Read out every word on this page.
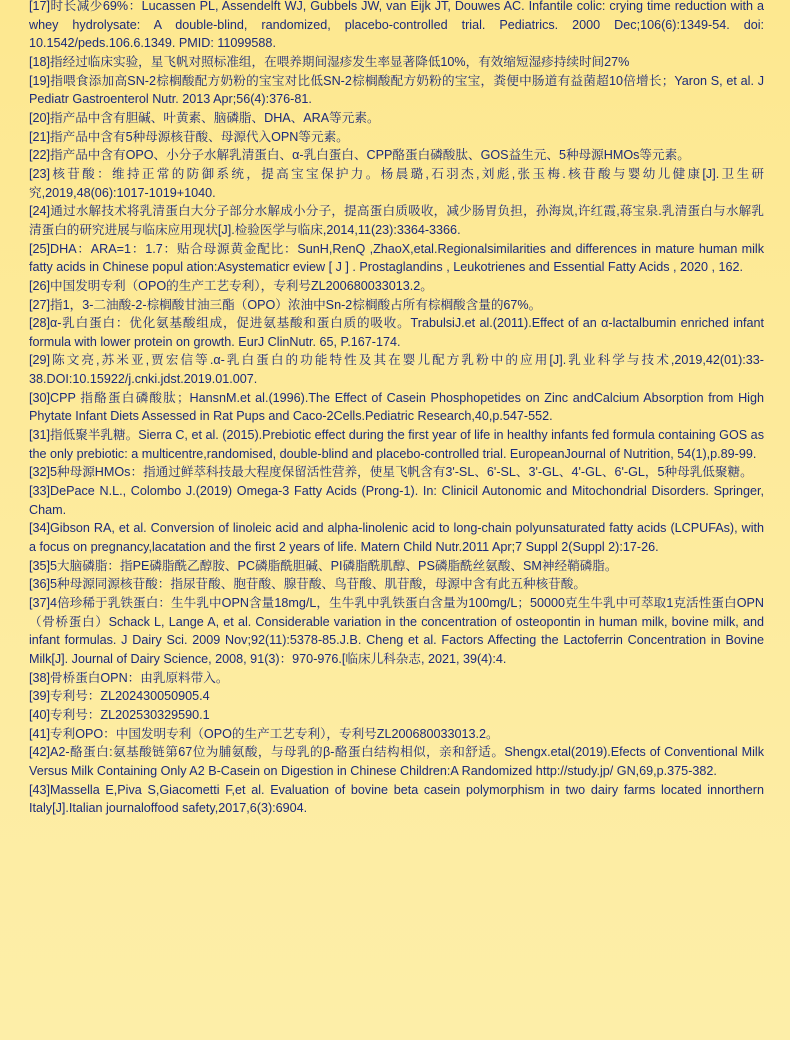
[17]时长减少69%：Lucassen PL, Assendelft WJ, Gubbels JW, van Eijk JT, Douwes AC. Infantile colic: crying time reduction with a whey hydrolysate: A double-blind, randomized, placebo-controlled trial. Pediatrics. 2000 Dec;106(6):1349-54. doi: 10.1542/peds.106.6.1349. PMID: 11099588.
[18]指经过临床实验，星飞帆对照标准组，在喂养期间湿疹发生率显著降低10%，有效缩短湿疹持续时间27%
[19]指喂食添加高SN-2棕榈酸配方奶粉的宝宝对比低SN-2棕榈酸配方奶粉的宝宝，粪便中肠道有益菌超10倍增长；Yaron S, et al. J Pediatr Gastroenterol Nutr. 2013 Apr;56(4):376-81.
[20]指产品中含有胆碱、叶黄素、脑磷脂、DHA、ARA等元素。
[21]指产品中含有5种母源核苷酸、母源代入OPN等元素。
[22]指产品中含有OPO、小分子水解乳清蛋白、α-乳白蛋白、CPP酪蛋白磷酸肽、GOS益生元、5种母源HMOs等元素。
[23]核苷酸：维持正常的防御系统，提高宝宝保护力。杨晨璐,石羽杰,刘彪,张玉梅.核苷酸与婴幼儿健康[J].卫生研究,2019,48(06):1017-1019+1040.
[24]通过水解技术将乳清蛋白大分子部分水解成小分子，提高蛋白质吸收，减少肠胃负担，孙海岚,许红霞,蒋宝泉.乳清蛋白与水解乳清蛋白的研究进展与临床应用现状[J].检验医学与临床,2014,11(23):3364-3366.
[25]DHA：ARA=1：1.7：贴合母源黄金配比：SunH,RenQ ,ZhaoX,etal.Regionalsimilarities and differences in mature human milk fatty acids in Chinese popul ation:Asystematicr eview [ J ] . Prostaglandins , Leukotrienes and Essential Fatty Acids , 2020 , 162.
[26]中国发明专利（OPO的生产工艺专利），专利号ZL200680033013.2。
[27]指1，3-二油酸-2-棕榈酸甘油三酯（OPO）浓油中Sn-2棕榈酸占所有棕榈酸含量的67%。
[28]α-乳白蛋白：优化氨基酸组成，促进氨基酸和蛋白质的吸收。TrabulsiJ.et al.(2011).Effect of an α-lactalbumin enriched infant formula with lower protein on growth. EurJ ClinNutr. 65, P.167-174.
[29]陈文亮,苏米亚,贾宏信等.α-乳白蛋白的功能特性及其在婴儿配方乳粉中的应用[J].乳业科学与技术,2019,42(01):33-38.DOI:10.15922/j.cnki.jdst.2019.01.007.
[30]CPP 指酪蛋白磷酸肽；HansnM.et al.(1996).The Effect of Casein Phosphopetides on Zinc andCalcium Absorption from High Phytate Infant Diets Assessed in Rat Pups and Caco-2Cells.Pediatric Research,40,p.547-552.
[31]指低聚半乳糖。Sierra C, et al. (2015).Prebiotic effect during the first year of life in healthy infants fed formula containing GOS as the only prebiotic: a multicentre,randomised, double-blind and placebo-controlled trial. EuropeanJournal of Nutrition, 54(1),p.89-99.
[32]5种母源HMOs：指通过鲜萃科技最大程度保留活性营养，使星飞帆含有3'-SL、6'-SL、3'-GL、4'-GL、6'-GL，5种母乳低聚糖。
[33]DePace N.L., Colombo J.(2019) Omega-3 Fatty Acids (Prong-1). In: Clinicil Autonomic and Mitochondrial Disorders. Springer, Cham.
[34]Gibson RA, et al. Conversion of linoleic acid and alpha-linolenic acid to long-chain polyunsaturated fatty acids (LCPUFAs), with a focus on pregnancy,lacatation and the first 2 years of life. Matern Child Nutr.2011 Apr;7 Suppl 2(Suppl 2):17-26.
[35]5大脑磷脂：指PE磷脂酰乙醇胺、PC磷脂酰胆碱、PI磷脂酰肌醇、PS磷脂酰丝氨酸、SM神经鞘磷脂。
[36]5种母源同源核苷酸：指尿苷酸、胞苷酸、腺苷酸、鸟苷酸、肌苷酸，母源中含有此五种核苷酸。
[37]4倍珍稀于乳铁蛋白：生牛乳中OPN含量18mg/L，生牛乳中乳铁蛋白含量为100mg/L；50000克生牛乳中可萃取1克活性蛋白OPN（骨桥蛋白）Schack L, Lange A, et al. Considerable variation in the concentration of osteopontin in human milk, bovine milk, and infant formulas. J Dairy Sci. 2009 Nov;92(11):5378-85.J.B. Cheng et al. Factors Affecting the Lactoferrin Concentration in Bovine Milk[J]. Journal of Dairy Science, 2008, 91(3)：970-976.[临床儿科杂志, 2021, 39(4):4.
[38]骨桥蛋白OPN：由乳原料带入。
[39]专利号：ZL202430050905.4
[40]专利号：ZL202530329590.1
[41]专利OPO：中国发明专利（OPO的生产工艺专利），专利号ZL200680033013.2。
[42]A2-酪蛋白:氨基酸链第67位为脯氨酸，与母乳的β-酪蛋白结构相似，亲和舒适。Shengx.etal(2019).Efects of Conventional Milk Versus Milk Containing Only A2 B-Casein on Digestion in Chinese Children:A Randomized http://study.jp/ GN,69,p.375-382.
[43]Massella E,Piva S,Giacometti F,et al. Evaluation of bovine beta casein polymorphism in two dairy farms located innorthern Italy[J].Italian journaloffood safety,2017,6(3):6904.
